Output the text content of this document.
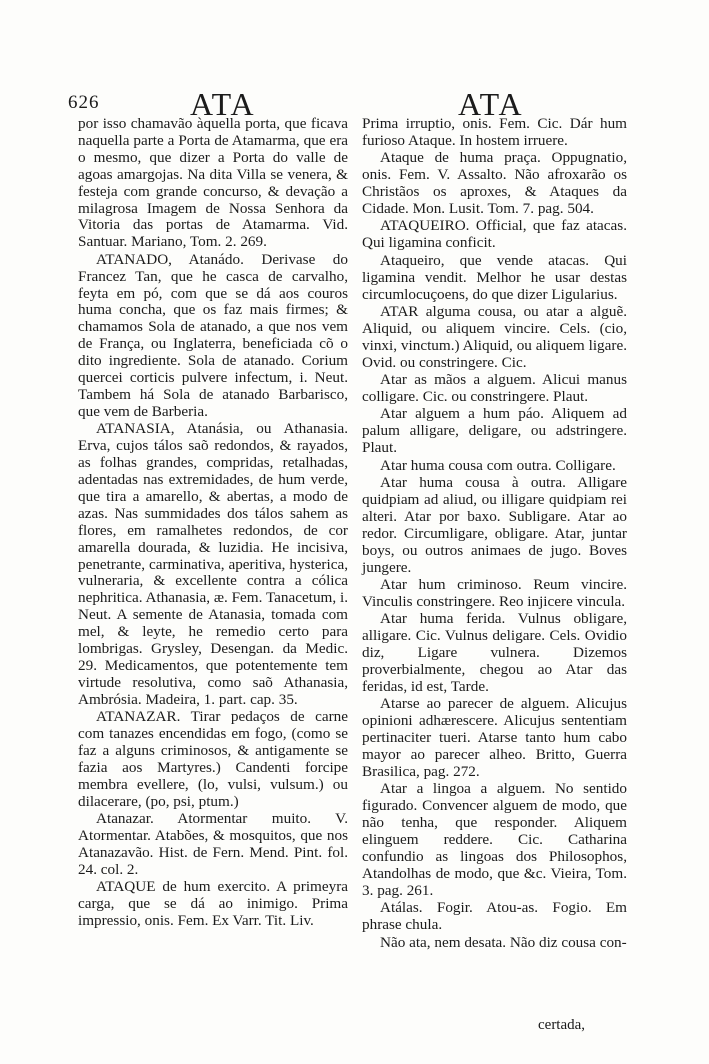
626	ATA	ATA

por isso chamavão àquella porta, que ficava naquella parte a Porta de Atamarma, que era o mesmo, que dizer a Porta do valle de agoas amargojas. Na dita Villa se venera, & festeja com grande concurso, & devação a milagrosa Imagem de Nossa Senhora da Vitoria das portas de Atamarma. Vid. Santuar. Mariano, Tom. 2. 269.

ATANADO, Atanádo. Derivase do Francez Tan, que he casca de carvalho, feyta em pó, com que se dá aos couros huma concha, que os faz mais firmes; & chamamos Sola de atanado, a que nos vem de França, ou Inglaterra, beneficiada cõ o dito ingrediente. Sola de atanado. Corium quercei corticis pulvere infectum, i. Neut. Tambem há Sola de atanado Barbarisco, que vem de Barberia.

ATANASIA, Atanásia, ou Athanasia. Erva, cujos tálos saõ redondos, & rayados, as folhas grandes, compridas, retalhadas, adentadas nas extremidades, de hum verde, que tira a amarello, & abertas, a modo de azas. Nas summidades dos tálos sahem as flores, em ramalhetes redondos, de cor amarella dourada, & luzidia. He incisiva, penetrante, carminativa, aperitiva, hysterica, vulneraria, & excellente contra a cólica nephritica. Athanasia, æ. Fem. Tanacetum, i. Neut. A semente de Atanasia, tomada com mel, & leyte, he remedio certo para lombrigas. Grysley, Desengan. da Medic. 29. Medicamentos, que potentemente tem virtude resolutiva, como saõ Athanasia, Ambrósia. Madeira, 1. part. cap. 35.

ATANAZAR. Tirar pedaços de carne com tanazes encendidas em fogo, (como se faz a alguns criminosos, & antigamente se fazia aos Martyres.) Candenti forcipe membra evellere, (lo, vulsi, vulsum.) ou dilacerare, (po, psi, ptum.)

Atanazar. Atormentar muito. V. Atormentar. Atabões, & mosquitos, que nos Atanazavão. Hist. de Fern. Mend. Pint. fol. 24. col. 2.

ATAQUE de hum exercito. A primeyra carga, que se dá ao inimigo. Prima impressio, onis. Fem. Ex Varr. Tit. Liv.

Prima irruptio, onis. Fem. Cic. Dár hum furioso Ataque. In hostem irruere.

Ataque de huma praça. Oppugnatio, onis. Fem. V. Assalto. Não afroxarão os Christãos os aproxes, & Ataques da Cidade. Mon. Lusit. Tom. 7. pag. 504.

ATAQUEIRO. Official, que faz atacas. Qui ligamina conficit.

Ataqueiro, que vende atacas. Qui ligamina vendit. Melhor he usar destas circumlocuçoens, do que dizer Ligularius.

ATAR alguma cousa, ou atar a alguẽ. Aliquid, ou aliquem vincire. Cels. (cio, vinxi, vinctum.) Aliquid, ou aliquem ligare. Ovid. ou constringere. Cic.

Atar as mãos a alguem. Alicui manus colligare. Cic. ou constringere. Plaut.

Atar alguem a hum páo. Aliquem ad palum alligare, deligare, ou adstringere. Plaut.

Atar huma cousa com outra. Colligare.

Atar huma cousa à outra. Alligare quidpiam ad aliud, ou illigare quidpiam rei alteri. Atar por baxo. Subligare. Atar ao redor. Circumligare, obligare. Atar, juntar boys, ou outros animaes de jugo. Boves jungere.

Atar hum criminoso. Reum vincire. Vinculis constringere. Reo injicere vincula.

Atar huma ferida. Vulnus obligare, alligare. Cic. Vulnus deligare. Cels. Ovidio diz, Ligare vulnera. Dizemos proverbialmente, chegou ao Atar das feridas, id est, Tarde.

Atarse ao parecer de alguem. Alicujus opinioni adhærescere. Alicujus sententiam pertinaciter tueri. Atarse tanto hum cabo mayor ao parecer alheo. Britto, Guerra Brasilica, pag. 272.

Atar a lingoa a alguem. No sentido figurado. Convencer alguem de modo, que não tenha, que responder. Aliquem elinguem reddere. Cic. Catharina confundio as lingoas dos Philosophos, Atandolhas de modo, que &c. Vieira, Tom. 3. pag. 261.

Atálas. Fogir. Atou-as. Fogio. Em phrase chula.

Não ata, nem desata. Não diz cousa con-

certada,
